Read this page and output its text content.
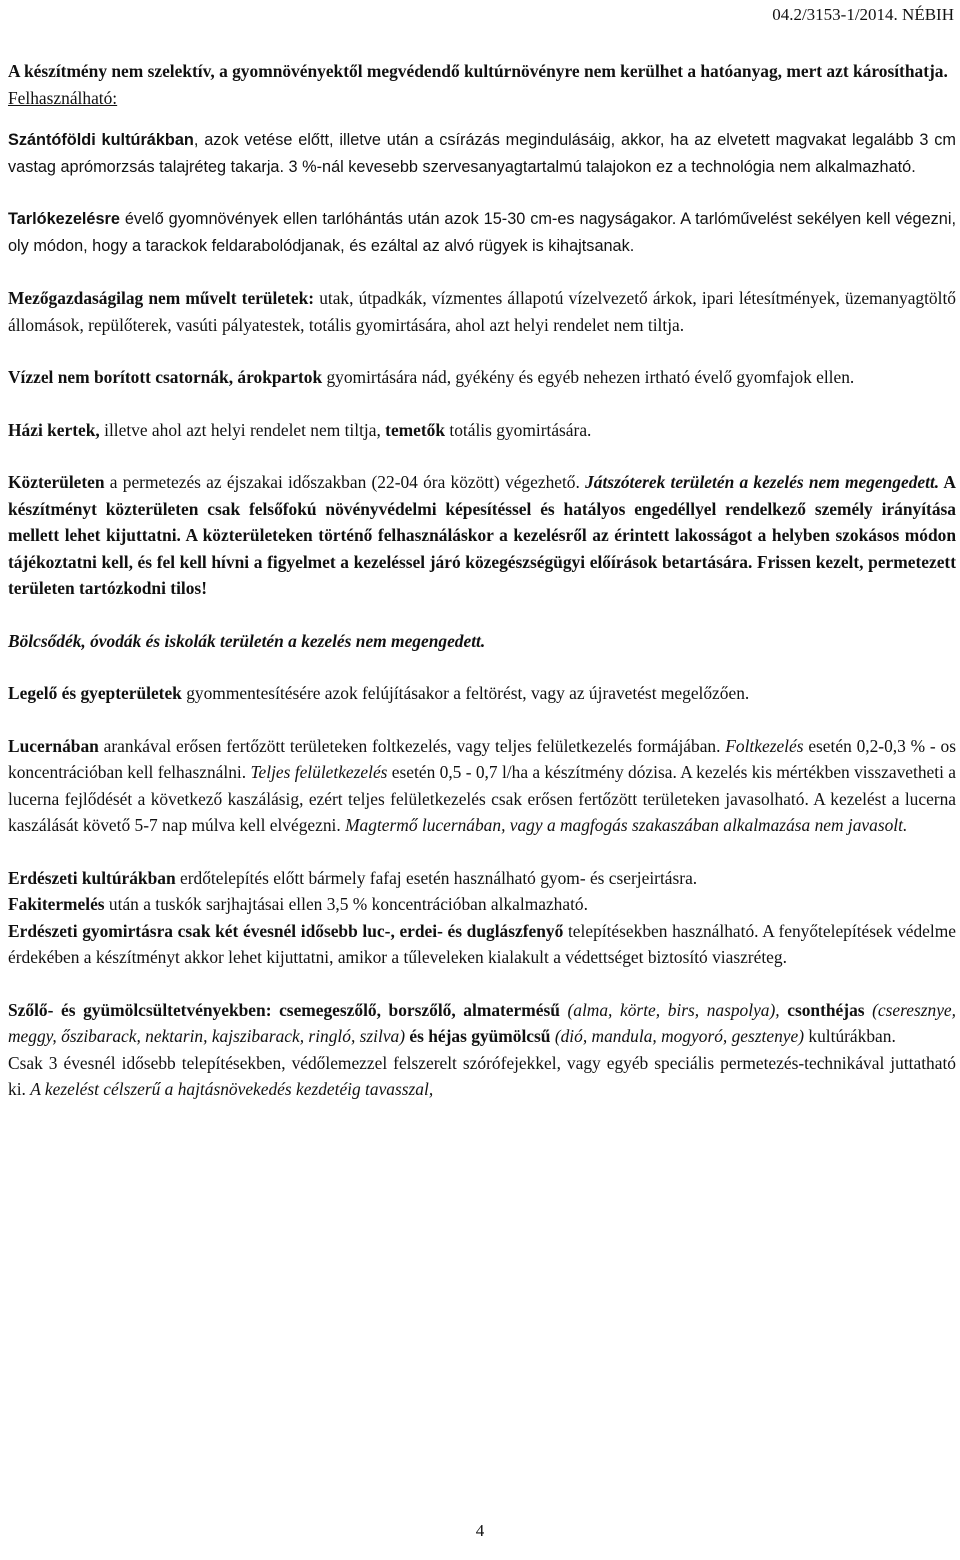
04.2/3153-1/2014. NÉBIH

A készítmény nem szelektív, a gyomnövényektől megvédendő kultúrnövényre nem kerülhet a hatóanyag, mert azt károsíthatja.

Felhasználható:

Szántóföldi kultúrákban, azok vetése előtt, illetve után a csírázás megindulásáig, akkor, ha az elvetett magvakat legalább 3 cm vastag aprómorzsás talajréteg takarja. 3 %-nál kevesebb szervesanyagtartalmú talajokon ez a technológia nem alkalmazható.

Tarlókezelésre évelő gyomnövények ellen tarlóhántás után azok 15-30 cm-es nagyságakor. A tarlóművelést sekélyen kell végezni, oly módon, hogy a tarackok feldarabolódjanak, és ezáltal az alvó rügyek is kihajtsanak.

Mezőgazdaságilag nem művelt területek: utak, útpadkák, vízmentes állapotú vízelvezető árkok, ipari létesítmények, üzemanyagtöltő állomások, repülőterek, vasúti pályatestek, totális gyomirtására, ahol azt helyi rendelet nem tiltja.

Vízzel nem borított csatornák, árokpartok gyomirtására nád, gyékény és egyéb nehezen irtható évelő gyomfajok ellen.

Házi kertek, illetve ahol azt helyi rendelet nem tiltja, temetők totális gyomirtására.

Közterületen a permetezés az éjszakai időszakban (22-04 óra között) végezhető. Játszóterek területén a kezelés nem megengedett. A készítményt közterületen csak felsőfokú növényvédelmi képesítéssel és hatályos engedéllyel rendelkező személy irányítása mellett lehet kijuttatni. A közterületeken történő felhasználáskor a kezelésről az érintett lakosságot a helyben szokásos módon tájékoztatni kell, és fel kell hívni a figyelmet a kezeléssel járó közegészségügyi előírások betartására. Frissen kezelt, permetezett területen tartózkodni tilos!

Bölcsődék, óvodák és iskolák területén a kezelés nem megengedett.

Legelő és gyepterületek gyommentesítésére azok felújításakor a feltörést, vagy az újravetést megelőzően.

Lucernában arankával erősen fertőzött területeken foltkezelés, vagy teljes felületkezelés formájában. Foltkezelés esetén 0,2-0,3 % - os koncentrációban kell felhasználni. Teljes felületkezelés esetén 0,5 - 0,7 l/ha a készítmény dózisa. A kezelés kis mértékben visszavetheti a lucerna fejlődését a következő kaszálásig, ezért teljes felületkezelés csak erősen fertőzött területeken javasolható. A kezelést a lucerna kaszálását követő 5-7 nap múlva kell elvégezni. Magtermő lucernában, vagy a magfogás szakaszában alkalmazása nem javasolt.

Erdészeti kultúrákban erdőtelepítés előtt bármely fafaj esetén használható gyom- és cserjeirtásra.
Fakitermelés után a tuskók sarjhajtásai ellen 3,5 % koncentrációban alkalmazható.
Erdészeti gyomirtásra csak két évesnél idősebb luc-, erdei- és duglászfenyő telepítésekben használható. A fenyőtelepítések védelme érdekében a készítményt akkor lehet kijuttatni, amikor a tűleveleken kialakult a védettséget biztosító viaszréteg.

Szőlő- és gyümölcsültetvényekben: csemegeszőlő, borszőlő, almatermésű (alma, körte, birs, naspolya), csonthéjas (cseresznye, meggy, őszibarack, nektarin, kajszibarack, ringló, szilva) és héjas gyümölcsű (dió, mandula, mogyoró, gesztenye) kultúrákban.
Csak 3 évesnél idősebb telepítésekben, védőlemezzel felszerelt szórófejekkel, vagy egyéb speciális permetezés-technikával juttatható ki. A kezelést célszerű a hajtásnövekedés kezdetéig tavasszal,

4
